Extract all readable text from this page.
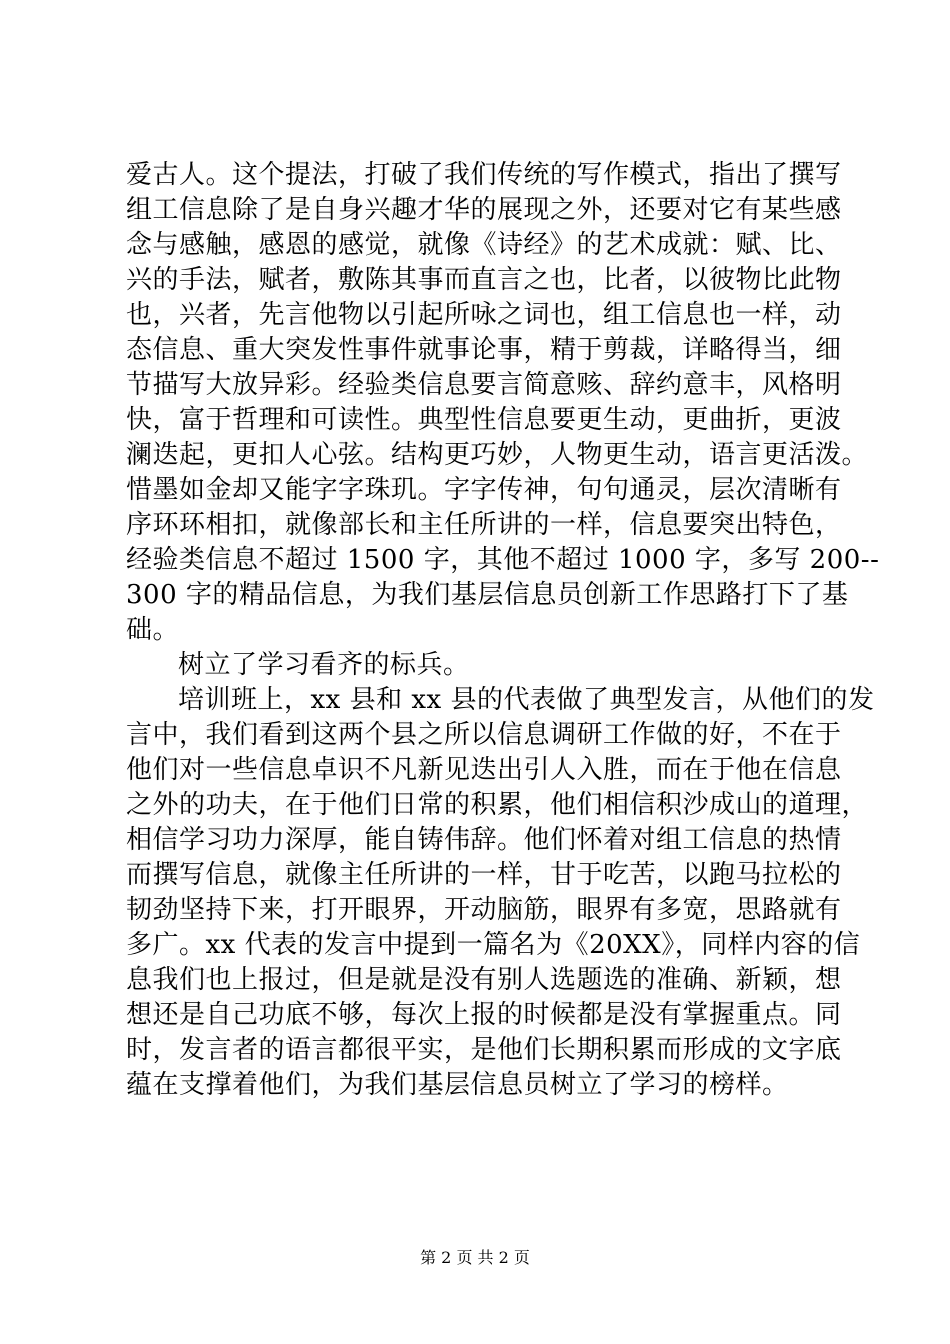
爱古人。这个提法，打破了我们传统的写作模式，指出了撰写
组工信息除了是自身兴趣才华的展现之外，还要对它有某些感
念与感触，感恩的感觉，就像《诗经》的艺术成就：赋、比、
兴的手法，赋者，敷陈其事而直言之也，比者，以彼物比此物
也，兴者，先言他物以引起所咏之词也，组工信息也一样，动
态信息、重大突发性事件就事论事，精于剪裁，详略得当，细
节描写大放异彩。经验类信息要言简意赅、辞约意丰，风格明
快，富于哲理和可读性。典型性信息要更生动，更曲折，更波
澜迭起，更扣人心弦。结构更巧妙，人物更生动，语言更活泼。
惜墨如金却又能字字珠玑。字字传神，句句通灵，层次清晰有
序环环相扣，就像部长和主任所讲的一样，信息要突出特色，
经验类信息不超过 1500 字，其他不超过 1000 字，多写 200--
300 字的精品信息，为我们基层信息员创新工作思路打下了基
础。
树立了学习看齐的标兵。
培训班上，xx 县和 xx 县的代表做了典型发言，从他们的发
言中，我们看到这两个县之所以信息调研工作做的好，不在于
他们对一些信息卓识不凡新见迭出引人入胜，而在于他在信息
之外的功夫，在于他们日常的积累，他们相信积沙成山的道理，
相信学习功力深厚，能自铸伟辞。他们怀着对组工信息的热情
而撰写信息，就像主任所讲的一样，甘于吃苦，以跑马拉松的
韧劲坚持下来，打开眼界，开动脑筋，眼界有多宽，思路就有
多广。xx 代表的发言中提到一篇名为《20XX》，同样内容的信
息我们也上报过，但是就是没有别人选题选的准确、新颖，想
想还是自己功底不够，每次上报的时候都是没有掌握重点。同
时，发言者的语言都很平实，是他们长期积累而形成的文字底
蕴在支撑着他们，为我们基层信息员树立了学习的榜样。
第 2 页 共 2 页
